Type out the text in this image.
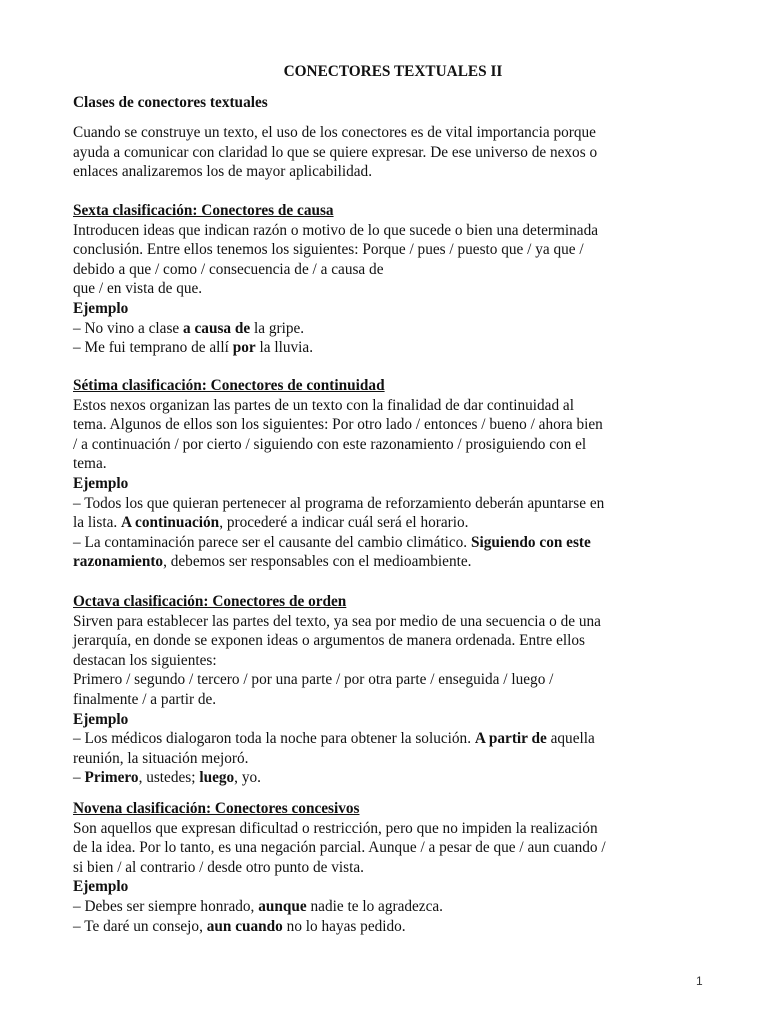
CONECTORES TEXTUALES II

Clases de conectores textuales

Cuando se construye un texto, el uso de los conectores es de vital importancia porque

ayuda a comunicar con claridad lo que se quiere expresar. De ese universo de nexos o

enlaces analizaremos los de mayor aplicabilidad.

Sexta clasificación: Conectores de causa

Introducen ideas que indican razón o motivo de lo que sucede o bien una determinada

conclusión. Entre ellos tenemos los siguientes: Porque / pues / puesto que / ya que /

debido a que / como / consecuencia de / a causa de

que / en vista de que.

Ejemplo

– No vino a clase a causa de la gripe.

– Me fui temprano de allí por la lluvia.

Sétima clasificación: Conectores de continuidad

Estos nexos organizan las partes de un texto con la finalidad de dar continuidad al

tema. Algunos de ellos son los siguientes: Por otro lado / entonces / bueno / ahora bien

/ a continuación / por cierto / siguiendo con este razonamiento / prosiguiendo con el

tema.

Ejemplo

– Todos los que quieran pertenecer al programa de reforzamiento deberán apuntarse en

la lista. A continuación, procederé a indicar cuál será el horario.

– La contaminación parece ser el causante del cambio climático. Siguiendo con este

razonamiento, debemos ser responsables con el medioambiente.

Octava clasificación: Conectores de orden

Sirven para establecer las partes del texto, ya sea por medio de una secuencia o de una

jerarquía, en donde se exponen ideas o argumentos de manera ordenada. Entre ellos

destacan los siguientes:

Primero / segundo / tercero / por una parte / por otra parte / enseguida / luego /

finalmente / a partir de.

Ejemplo

– Los médicos dialogaron toda la noche para obtener la solución. A partir de aquella

reunión, la situación mejoró.

– Primero, ustedes; luego, yo.

Novena clasificación: Conectores concesivos

Son aquellos que expresan dificultad o restricción, pero que no impiden la realización

de la idea. Por lo tanto, es una negación parcial. Aunque / a pesar de que / aun cuando /

si bien / al contrario / desde otro punto de vista.

Ejemplo

– Debes ser siempre honrado, aunque nadie te lo agradezca.

– Te daré un consejo, aun cuando no lo hayas pedido.

1
